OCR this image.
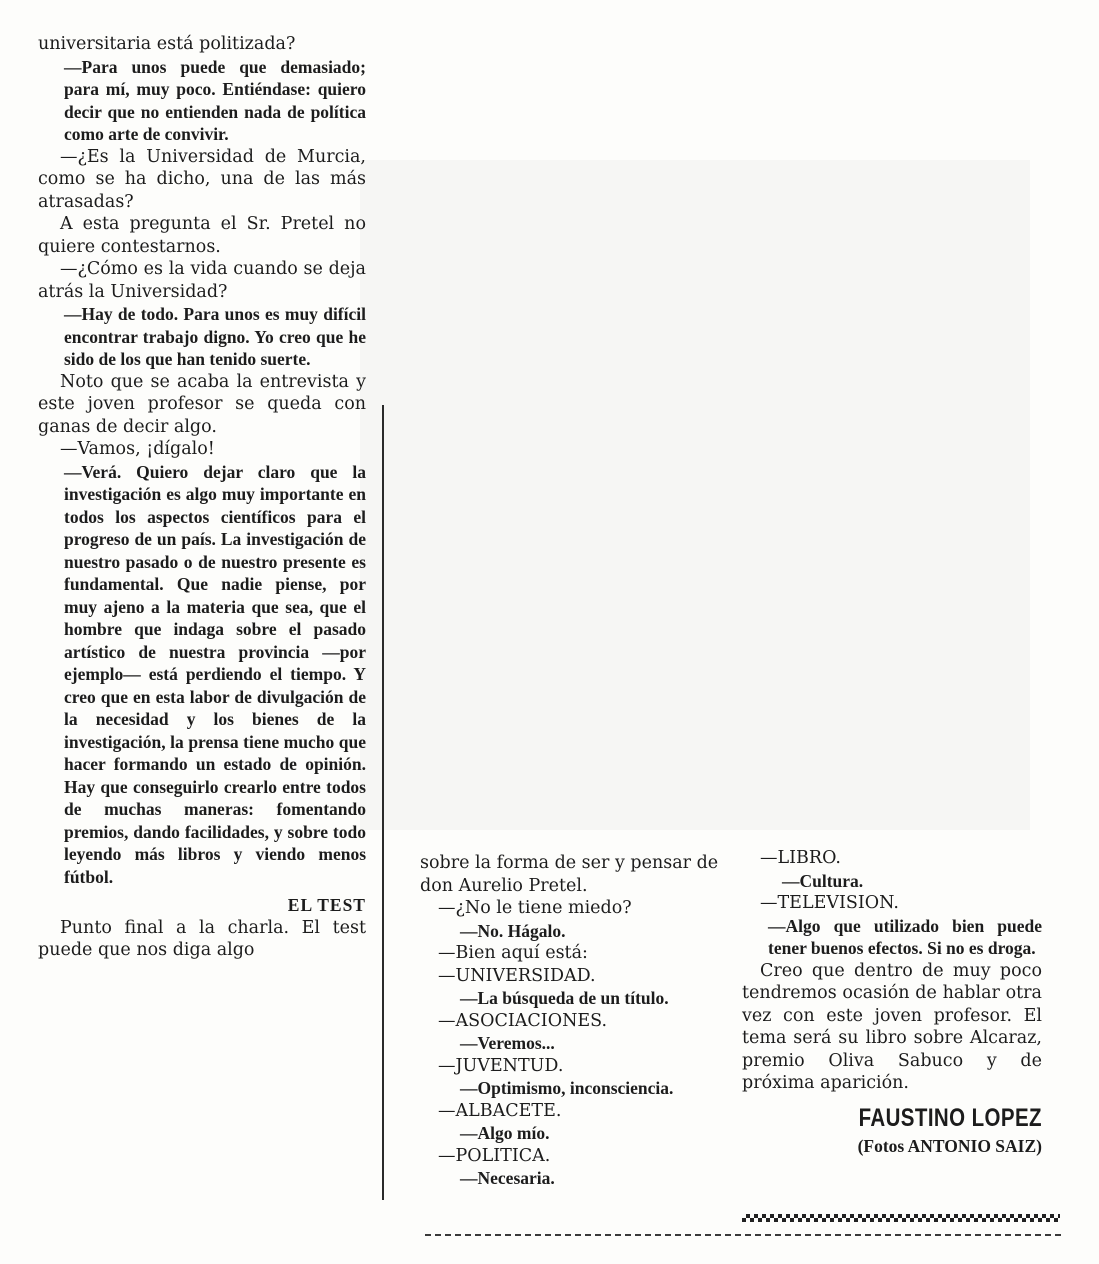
universitaria está politizada?

—Para unos puede que demasiado; para mí, muy poco. Entiéndase: quiero decir que no entienden nada de política como arte de convivir.

—¿Es la Universidad de Murcia, como se ha dicho, una de las más atrasadas?

A esta pregunta el Sr. Pretel no quiere contestarnos.

—¿Cómo es la vida cuando se deja atrás la Universidad?

—Hay de todo. Para unos es muy difícil encontrar trabajo digno. Yo creo que he sido de los que han tenido suerte.

Noto que se acaba la entrevista y este joven profesor se queda con ganas de decir algo.

—Vamos, ¡dígalo!

—Verá. Quiero dejar claro que la investigación es algo muy importante en todos los aspectos científicos para el progreso de un país. La investigación de nuestro pasado o de nuestro presente es fundamental. Que nadie piense, por muy ajeno a la materia que sea, que el hombre que indaga sobre el pasado artístico de nuestra provincia —por ejemplo— está perdiendo el tiempo. Y creo que en esta labor de divulgación de la necesidad y los bienes de la investigación, la prensa tiene mucho que hacer formando un estado de opinión. Hay que conseguirlo crearlo entre todos de muchas maneras: fomentando premios, dando facilidades, y sobre todo leyendo más libros y viendo menos fútbol.

EL TEST

Punto final a la charla. El test puede que nos diga algo

sobre la forma de ser y pensar de don Aurelio Pretel.

—¿No le tiene miedo?

—No. Hágalo.

—Bien aquí está:

—UNIVERSIDAD.

—La búsqueda de un título.

—ASOCIACIONES.

—Veremos...

—JUVENTUD.

—Optimismo, inconsciencia.

—ALBACETE.

—Algo mío.

—POLITICA.

—Necesaria.

—LIBRO.

—Cultura.

—TELEVISION.

—Algo que utilizado bien puede tener buenos efectos. Si no es droga.

Creo que dentro de muy poco tendremos ocasión de hablar otra vez con este joven profesor. El tema será su libro sobre Alcaraz, premio Oliva Sabuco y de próxima aparición.

FAUSTINO LOPEZ

(Fotos ANTONIO SAIZ)
